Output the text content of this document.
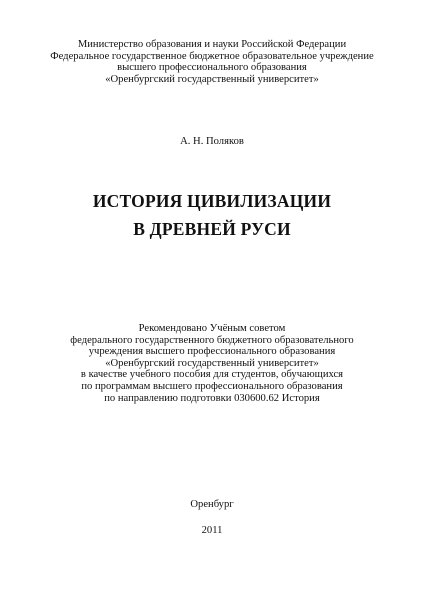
Министерство образования и науки Российской Федерации
Федеральное государственное бюджетное образовательное учреждение
высшего профессионального образования
«Оренбургский государственный университет»
А. Н. Поляков
ИСТОРИЯ ЦИВИЛИЗАЦИИ
В ДРЕВНЕЙ РУСИ
Рекомендовано Учёным советом
федерального государственного бюджетного образовательного
учреждения высшего профессионального образования
«Оренбургский государственный университет»
в качестве учебного пособия для студентов, обучающихся
по программам высшего профессионального образования
по направлению подготовки 030600.62 История
Оренбург
2011
